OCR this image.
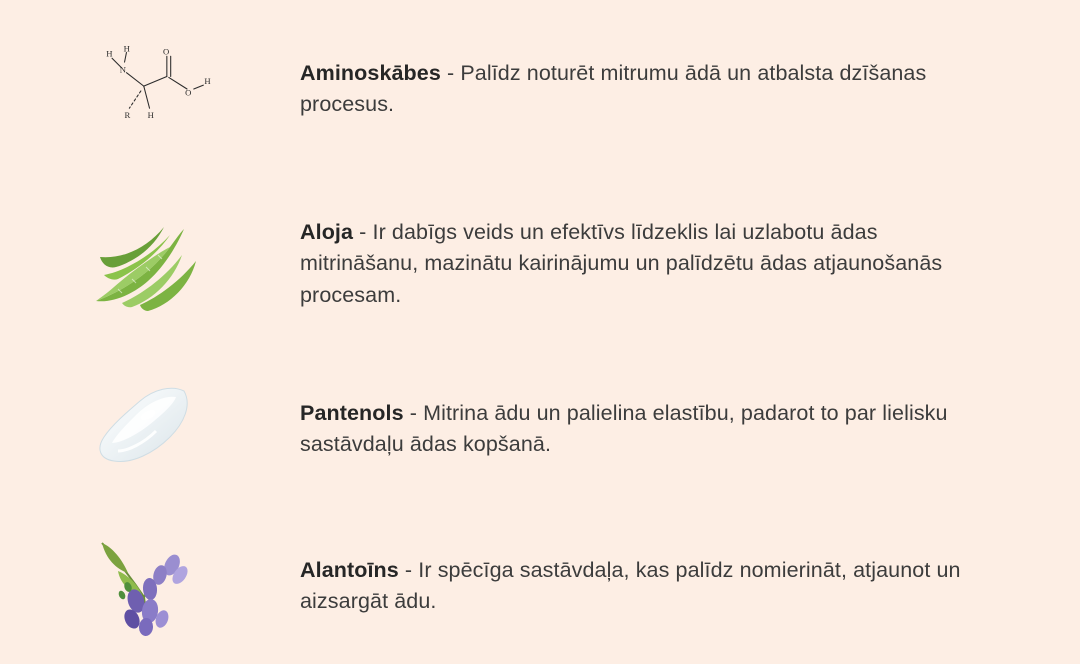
H H
N
O
O
H
R H

Aminoskābes - Palīdz noturēt mitrumu ādā un atbalsta dzīšanas procesus.

Aloja - Ir dabīgs veids un efektīvs līdzeklis lai uzlabotu ādas mitrināšanu, mazinātu kairinājumu un palīdzētu ādas atjaunošanās procesam.

Pantenols - Mitrina ādu un palielina elastību, padarot to par lielisku sastāvdaļu ādas kopšanā.

Alantoīns - Ir spēcīga sastāvdaļa, kas palīdz nomierināt, atjaunot un aizsargāt ādu.
